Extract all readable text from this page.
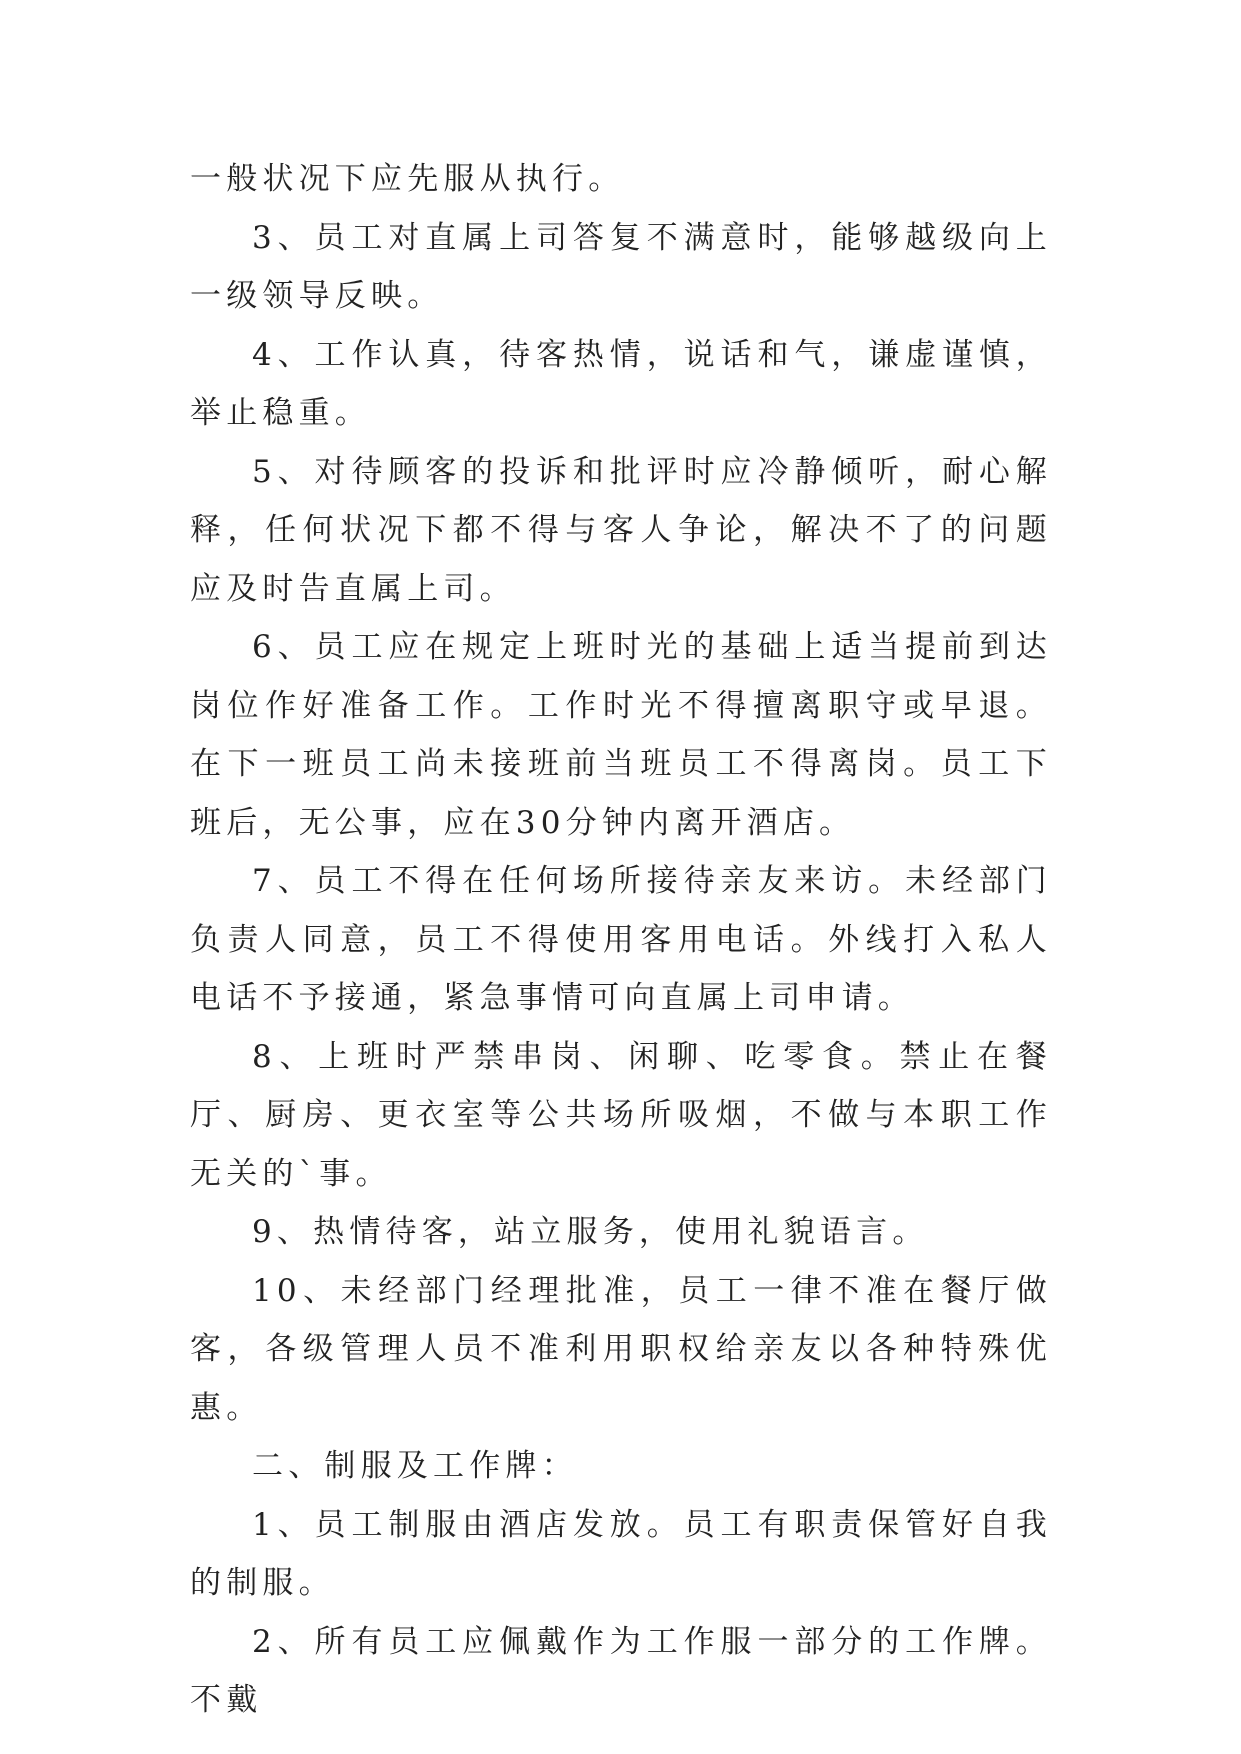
一般状况下应先服从执行。

3、员工对直属上司答复不满意时，能够越级向上一级领导反映。

4、工作认真，待客热情，说话和气，谦虚谨慎，举止稳重。

5、对待顾客的投诉和批评时应冷静倾听，耐心解释，任何状况下都不得与客人争论，解决不了的问题应及时告直属上司。

6、员工应在规定上班时光的基础上适当提前到达岗位作好准备工作。工作时光不得擅离职守或早退。在下一班员工尚未接班前当班员工不得离岗。员工下班后，无公事，应在30分钟内离开酒店。

7、员工不得在任何场所接待亲友来访。未经部门负责人同意，员工不得使用客用电话。外线打入私人电话不予接通，紧急事情可向直属上司申请。

8、上班时严禁串岗、闲聊、吃零食。禁止在餐厅、厨房、更衣室等公共场所吸烟，不做与本职工作无关的`事。

9、热情待客，站立服务，使用礼貌语言。

10、未经部门经理批准，员工一律不准在餐厅做客，各级管理人员不准利用职权给亲友以各种特殊优惠。

二、制服及工作牌：

1、员工制服由酒店发放。员工有职责保管好自我的制服。

2、所有员工应佩戴作为工作服一部分的工作牌。不戴
